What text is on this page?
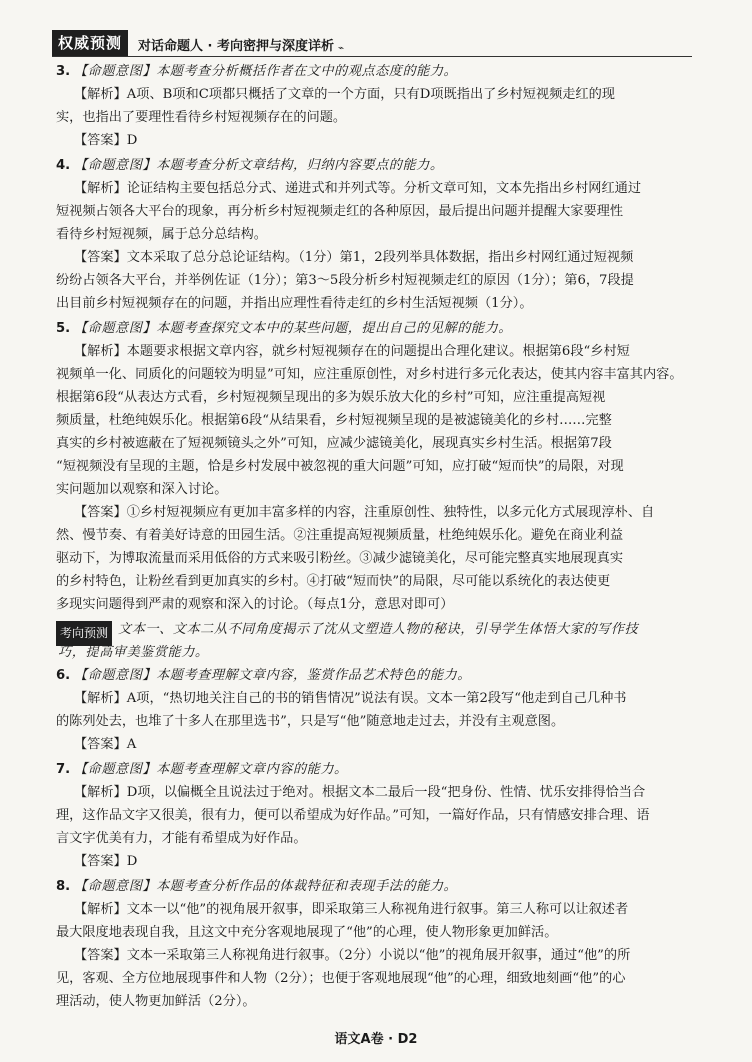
权威预测	对话命题人 · 考向密押与深度详析 ⌁
3. 【命题意图】本题考查分析概括作者在文中的观点态度的能力。
【解析】A项、B项和C项都只概括了文章的一个方面，只有D项既指出了乡村短视频走红的现
实，也指出了要理性看待乡村短视频存在的问题。
【答案】D
4. 【命题意图】本题考查分析文章结构，归纳内容要点的能力。
【解析】论证结构主要包括总分式、递进式和并列式等。分析文章可知，文本先指出乡村网红通过
短视频占领各大平台的现象，再分析乡村短视频走红的各种原因，最后提出问题并提醒大家要理性
看待乡村短视频，属于总分总结构。
【答案】文本采取了总分总论证结构。（1分）第1，2段列举具体数据，指出乡村网红通过短视频
纷纷占领各大平台，并举例佐证（1分）；第3～5段分析乡村短视频走红的原因（1分）；第6，7段提
出目前乡村短视频存在的问题，并指出应理性看待走红的乡村生活短视频（1分）。
5. 【命题意图】本题考查探究文本中的某些问题，提出自己的见解的能力。
【解析】本题要求根据文章内容，就乡村短视频存在的问题提出合理化建议。根据第6段“乡村短
视频单一化、同质化的问题较为明显”可知，应注重原创性，对乡村进行多元化表达，使其内容丰富其内容。
根据第6段“从表达方式看，乡村短视频呈现出的多为娱乐放大化的乡村”可知，应注重提高短视
频质量，杜绝纯娱乐化。根据第6段“从结果看，乡村短视频呈现的是被滤镜美化的乡村……完整
真实的乡村被遮蔽在了短视频镜头之外”可知，应减少滤镜美化，展现真实乡村生活。根据第7段
“短视频没有呈现的主题，恰是乡村发展中被忽视的重大问题”可知，应打破“短而快”的局限，对现
实问题加以观察和深入讨论。
【答案】①乡村短视频应有更加丰富多样的内容，注重原创性、独特性，以多元化方式展现淳朴、自
然、慢节奏、有着美好诗意的田园生活。②注重提高短视频质量，杜绝纯娱乐化。避免在商业利益
驱动下，为博取流量而采用低俗的方式来吸引粉丝。③减少滤镜美化，尽可能完整真实地展现真实
的乡村特色，让粉丝看到更加真实的乡村。④打破“短而快”的局限，尽可能以系统化的表达使更
多现实问题得到严肃的观察和深入的讨论。（每点1分，意思对即可）
考向预测 文本一、文本二从不同角度揭示了沈从文塑造人物的秘诀，引导学生体悟大家的写作技
巧，提高审美鉴赏能力。
6. 【命题意图】本题考查理解文章内容，鉴赏作品艺术特色的能力。
【解析】A项，“热切地关注自己的书的销售情况”说法有误。文本一第2段写“他走到自己几种书
的陈列处去，也堆了十多人在那里选书”，只是写“他”随意地走过去，并没有主观意图。
【答案】A
7. 【命题意图】本题考查理解文章内容的能力。
【解析】D项，以偏概全且说法过于绝对。根据文本二最后一段“把身份、性情、忧乐安排得恰当合
理，这作品文字又很美，很有力，便可以希望成为好作品。”可知，一篇好作品，只有情感安排合理、语
言文字优美有力，才能有希望成为好作品。
【答案】D
8. 【命题意图】本题考查分析作品的体裁特征和表现手法的能力。
【解析】文本一以“他”的视角展开叙事，即采取第三人称视角进行叙事。第三人称可以让叙述者
最大限度地表现自我，且这文中充分客观地展现了“他”的心理，使人物形象更加鲜活。
【答案】文本一采取第三人称视角进行叙事。（2分）小说以“他”的视角展开叙事，通过“他”的所
见，客观、全方位地展现事件和人物（2分）；也便于客观地展现“他”的心理，细致地刻画“他”的心
理活动，使人物更加鲜活（2分）。
语文A卷 · D2
